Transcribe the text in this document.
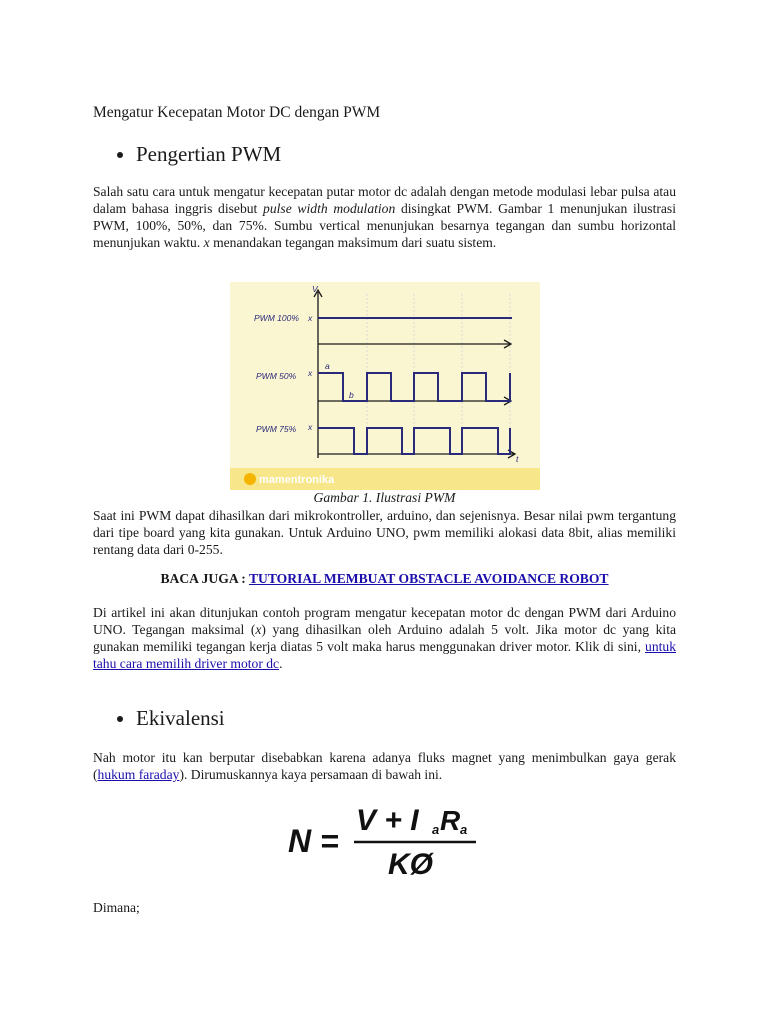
Mengatur Kecepatan Motor DC dengan PWM
Pengertian PWM

Salah satu cara untuk mengatur kecepatan putar motor dc adalah dengan metode modulasi lebar pulsa atau dalam bahasa inggris disebut pulse width modulation disingkat PWM. Gambar 1 menunjukan ilustrasi PWM, 100%, 50%, dan 75%. Sumbu vertical menunjukan besarnya tegangan dan sumbu horizontal menunjukan waktu. x menandakan tegangan maksimum dari suatu sistem.

PWM 100%
PWM 50%
PWM 75%
x
x
x
a
b
V
t
mamentronika

Gambar 1. Ilustrasi PWM

Saat ini PWM dapat dihasilkan dari mikrokontroller, arduino, dan sejenisnya. Besar nilai pwm tergantung dari tipe board yang kita gunakan. Untuk Arduino UNO, pwm memiliki alokasi data 8bit, alias memiliki rentang data dari 0-255.

BACA JUGA : TUTORIAL MEMBUAT OBSTACLE AVOIDANCE ROBOT

Di artikel ini akan ditunjukan contoh program mengatur kecepatan motor dc dengan PWM dari Arduino UNO. Tegangan maksimal (x) yang dihasilkan oleh Arduino adalah 5 volt. Jika motor dc yang kita gunakan memiliki tegangan kerja diatas 5 volt maka harus menggunakan driver motor. Klik di sini, untuk tahu cara memilih driver motor dc.

Ekivalensi

Nah motor itu kan berputar disebabkan karena adanya fluks magnet yang menimbulkan gaya gerak (hukum faraday). Dirumuskannya kaya persamaan di bawah ini.

N =
V + I a R a
KØ

Dimana;
